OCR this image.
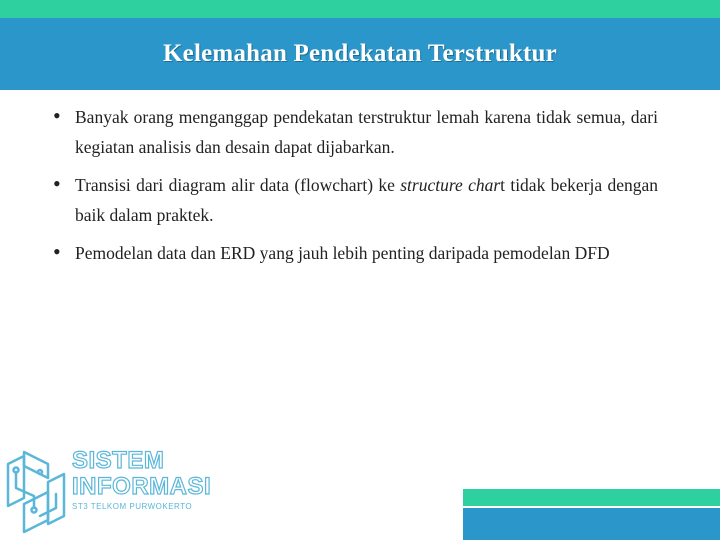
Kelemahan Pendekatan Terstruktur
• Banyak orang menganggap pendekatan terstruktur lemah karena tidak semua, dari kegiatan analisis dan desain dapat dijabarkan.
• Transisi dari diagram alir data (flowchart) ke structure chart tidak bekerja dengan baik dalam praktek.
• Pemodelan data dan ERD yang jauh lebih penting daripada pemodelan DFD
SISTEM
INFORMASI
ST3 TELKOM PURWOKERTO
